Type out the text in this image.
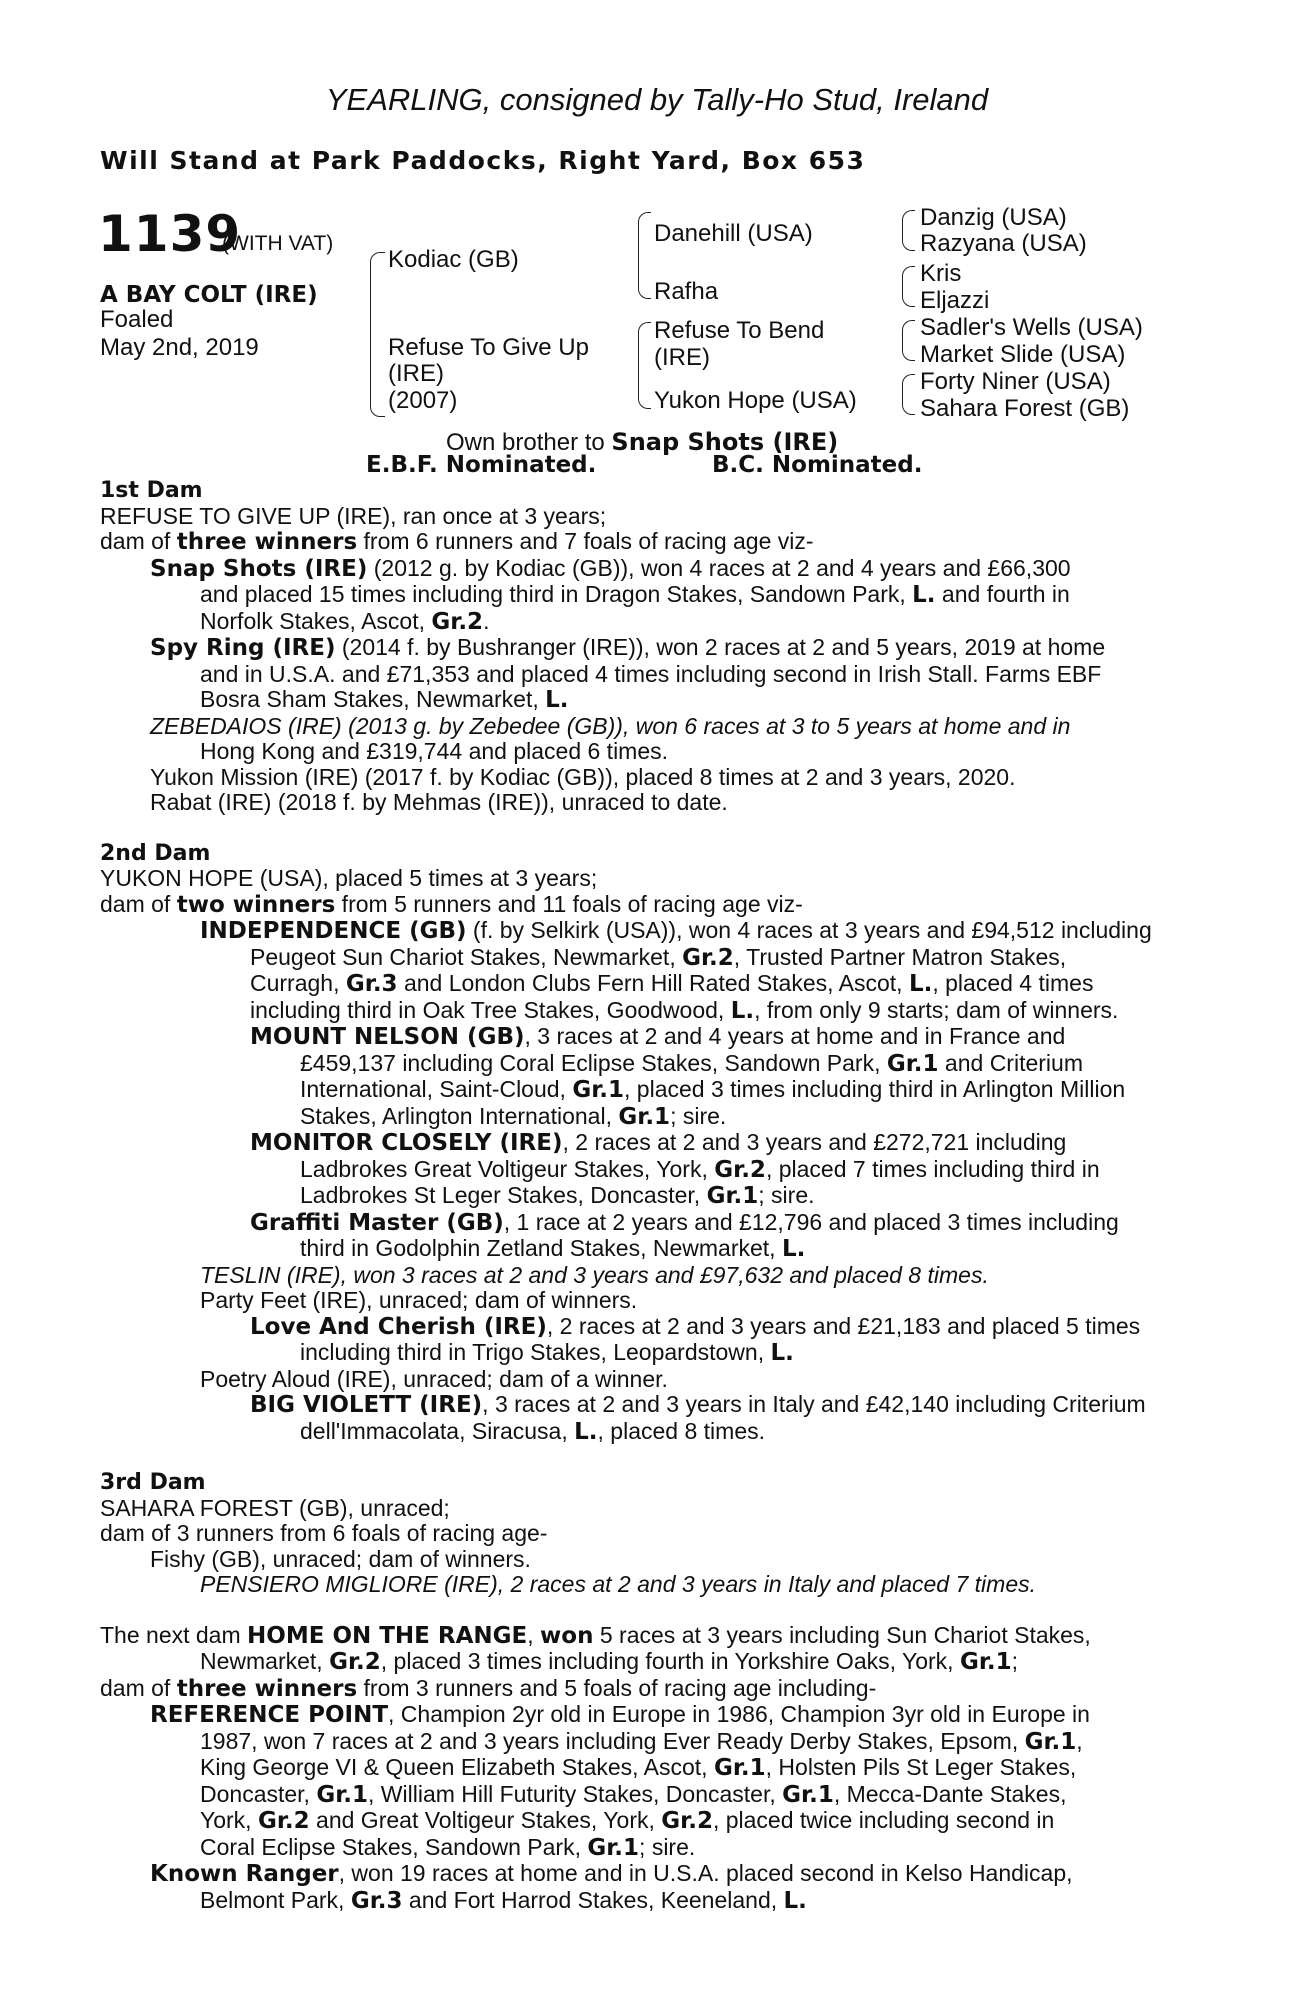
YEARLING, consigned by Tally-Ho Stud, Ireland
Will Stand at Park Paddocks, Right Yard, Box 653
1139
(WITH VAT)
A BAY COLT (IRE)
Foaled
May 2nd, 2019
Kodiac (GB)
Refuse To Give Up
(IRE)
(2007)
Danehill (USA)
Rafha
Refuse To Bend
(IRE)
Yukon Hope (USA)
Danzig (USA)
Razyana (USA)
Kris
Eljazzi
Sadler's Wells (USA)
Market Slide (USA)
Forty Niner (USA)
Sahara Forest (GB)
Own brother to Snap Shots (IRE)
E.B.F. Nominated.	B.C. Nominated.
1st Dam
REFUSE TO GIVE UP (IRE), ran once at 3 years;
dam of three winners from 6 runners and 7 foals of racing age viz-
Snap Shots (IRE) (2012 g. by Kodiac (GB)), won 4 races at 2 and 4 years and £66,300
and placed 15 times including third in Dragon Stakes, Sandown Park, L. and fourth in
Norfolk Stakes, Ascot, Gr.2.
Spy Ring (IRE) (2014 f. by Bushranger (IRE)), won 2 races at 2 and 5 years, 2019 at home
and in U.S.A. and £71,353 and placed 4 times including second in Irish Stall. Farms EBF
Bosra Sham Stakes, Newmarket, L.
ZEBEDAIOS (IRE) (2013 g. by Zebedee (GB)), won 6 races at 3 to 5 years at home and in
Hong Kong and £319,744 and placed 6 times.
Yukon Mission (IRE) (2017 f. by Kodiac (GB)), placed 8 times at 2 and 3 years, 2020.
Rabat (IRE) (2018 f. by Mehmas (IRE)), unraced to date.
2nd Dam
YUKON HOPE (USA), placed 5 times at 3 years;
dam of two winners from 5 runners and 11 foals of racing age viz-
INDEPENDENCE (GB) (f. by Selkirk (USA)), won 4 races at 3 years and £94,512 including
Peugeot Sun Chariot Stakes, Newmarket, Gr.2, Trusted Partner Matron Stakes,
Curragh, Gr.3 and London Clubs Fern Hill Rated Stakes, Ascot, L., placed 4 times
including third in Oak Tree Stakes, Goodwood, L., from only 9 starts; dam of winners.
MOUNT NELSON (GB), 3 races at 2 and 4 years at home and in France and
£459,137 including Coral Eclipse Stakes, Sandown Park, Gr.1 and Criterium
International, Saint-Cloud, Gr.1, placed 3 times including third in Arlington Million
Stakes, Arlington International, Gr.1; sire.
MONITOR CLOSELY (IRE), 2 races at 2 and 3 years and £272,721 including
Ladbrokes Great Voltigeur Stakes, York, Gr.2, placed 7 times including third in
Ladbrokes St Leger Stakes, Doncaster, Gr.1; sire.
Graffiti Master (GB), 1 race at 2 years and £12,796 and placed 3 times including
third in Godolphin Zetland Stakes, Newmarket, L.
TESLIN (IRE), won 3 races at 2 and 3 years and £97,632 and placed 8 times.
Party Feet (IRE), unraced; dam of winners.
Love And Cherish (IRE), 2 races at 2 and 3 years and £21,183 and placed 5 times
including third in Trigo Stakes, Leopardstown, L.
Poetry Aloud (IRE), unraced; dam of a winner.
BIG VIOLETT (IRE), 3 races at 2 and 3 years in Italy and £42,140 including Criterium
dell'Immacolata, Siracusa, L., placed 8 times.
3rd Dam
SAHARA FOREST (GB), unraced;
dam of 3 runners from 6 foals of racing age-
Fishy (GB), unraced; dam of winners.
PENSIERO MIGLIORE (IRE), 2 races at 2 and 3 years in Italy and placed 7 times.
The next dam HOME ON THE RANGE, won 5 races at 3 years including Sun Chariot Stakes,
Newmarket, Gr.2, placed 3 times including fourth in Yorkshire Oaks, York, Gr.1;
dam of three winners from 3 runners and 5 foals of racing age including-
REFERENCE POINT, Champion 2yr old in Europe in 1986, Champion 3yr old in Europe in
1987, won 7 races at 2 and 3 years including Ever Ready Derby Stakes, Epsom, Gr.1,
King George VI & Queen Elizabeth Stakes, Ascot, Gr.1, Holsten Pils St Leger Stakes,
Doncaster, Gr.1, William Hill Futurity Stakes, Doncaster, Gr.1, Mecca-Dante Stakes,
York, Gr.2 and Great Voltigeur Stakes, York, Gr.2, placed twice including second in
Coral Eclipse Stakes, Sandown Park, Gr.1; sire.
Known Ranger, won 19 races at home and in U.S.A. placed second in Kelso Handicap,
Belmont Park, Gr.3 and Fort Harrod Stakes, Keeneland, L.
